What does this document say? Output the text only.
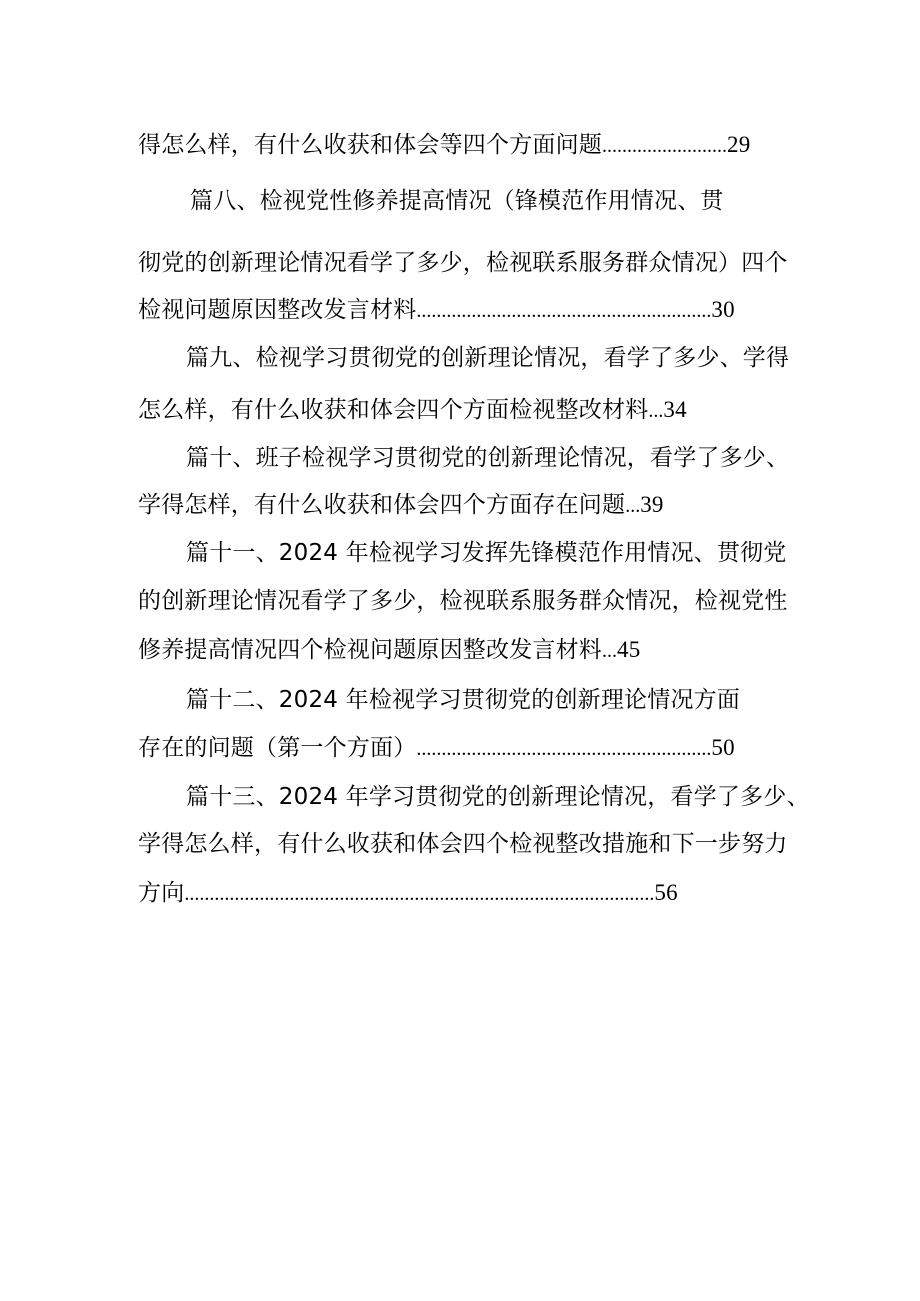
得怎么样，有什么收获和体会等四个方面问题.........................29
篇八、检视党性修养提高情况（锋模范作用情况、贯
彻党的创新理论情况看学了多少，检视联系服务群众情况）四个
检视问题原因整改发言材料...........................................................30
篇九、检视学习贯彻党的创新理论情况，看学了多少、学得
怎么样，有什么收获和体会四个方面检视整改材料...34
篇十、班子检视学习贯彻党的创新理论情况，看学了多少、
学得怎样，有什么收获和体会四个方面存在问题...39
篇十一、2024 年检视学习发挥先锋模范作用情况、贯彻党
的创新理论情况看学了多少，检视联系服务群众情况，检视党性
修养提高情况四个检视问题原因整改发言材料...45
篇十二、2024 年检视学习贯彻党的创新理论情况方面
存在的问题（第一个方面）...........................................................50
篇十三、2024 年学习贯彻党的创新理论情况，看学了多少、
学得怎么样，有什么收获和体会四个检视整改措施和下一步努力
方向..............................................................................................56
